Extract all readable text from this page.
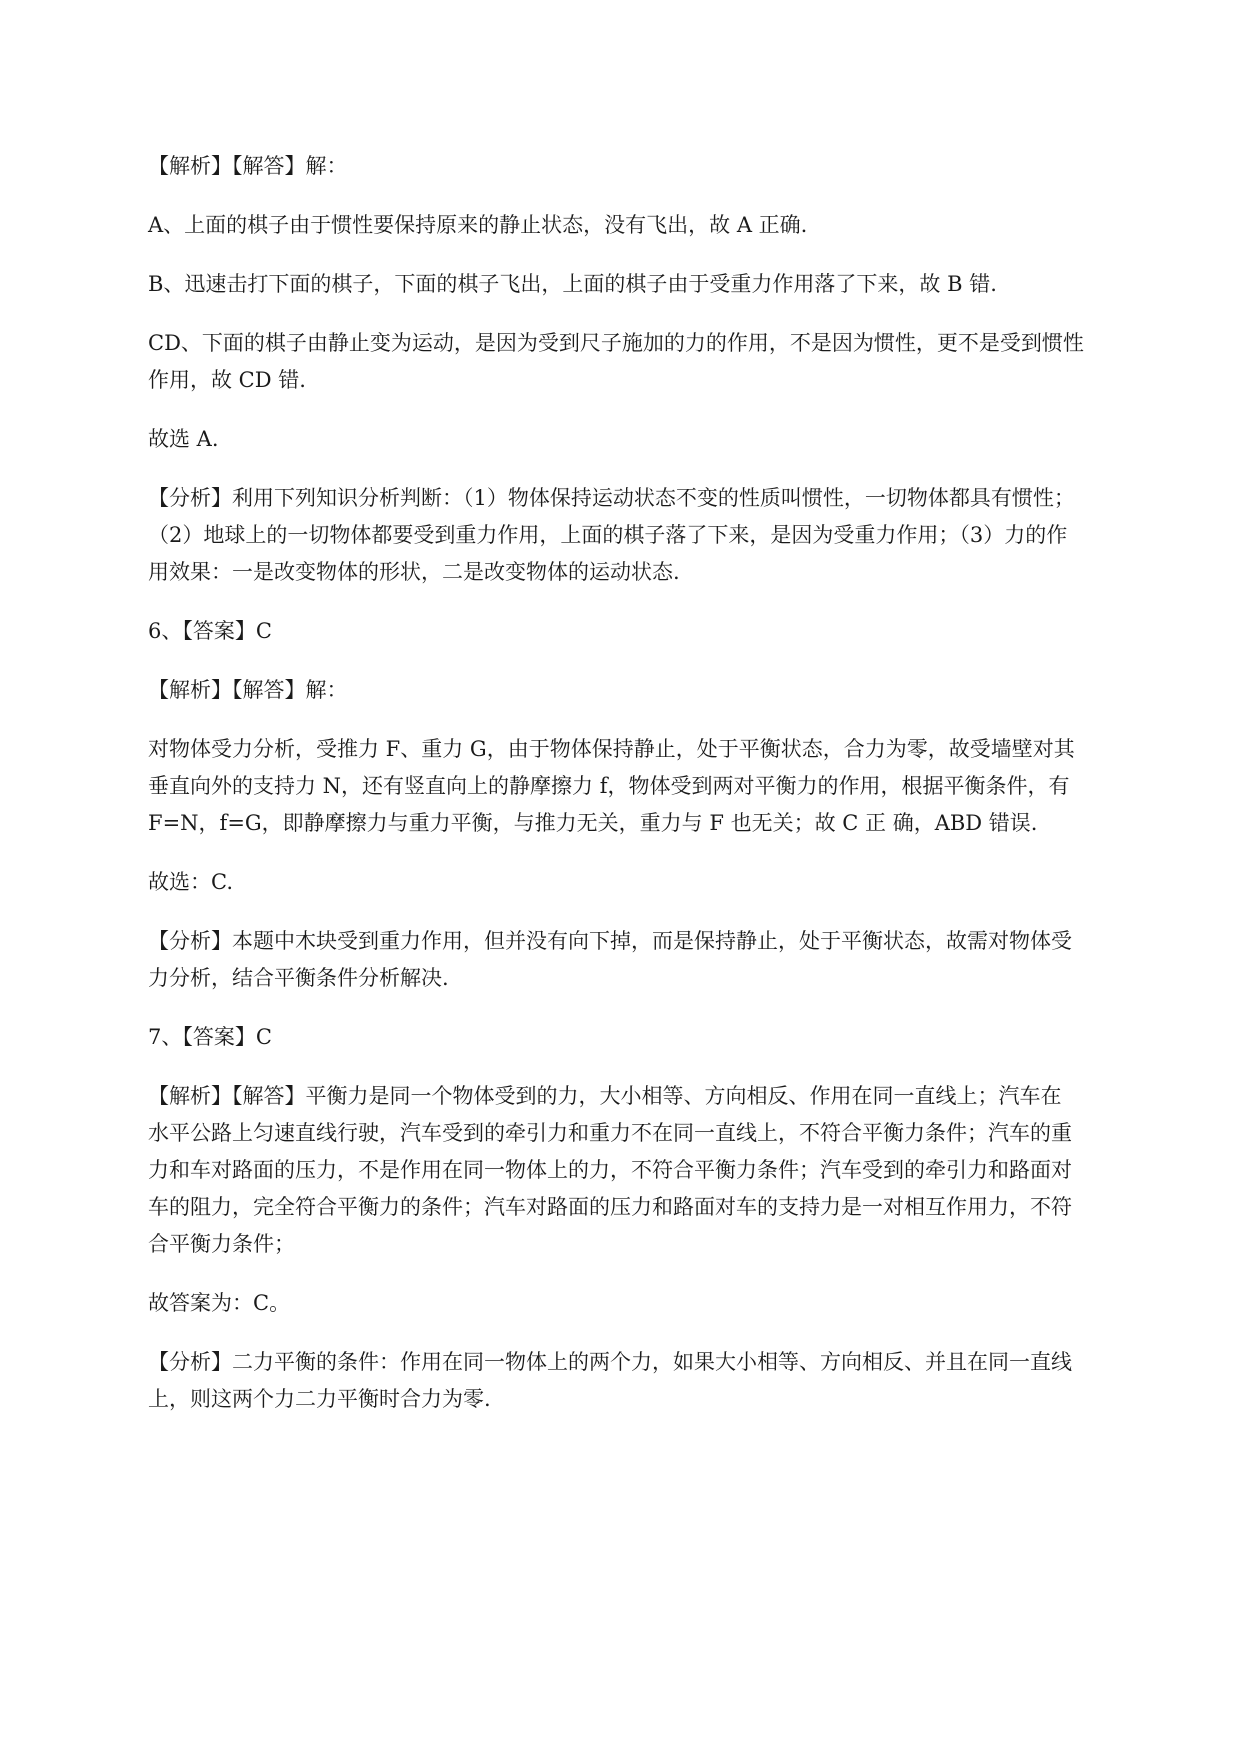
【解析】【解答】解：

A、上面的棋子由于惯性要保持原来的静止状态，没有飞出，故 A 正确.

B、迅速击打下面的棋子，下面的棋子飞出，上面的棋子由于受重力作用落了下来，故 B 错.

CD、下面的棋子由静止变为运动，是因为受到尺子施加的力的作用，不是因为惯性，更不是受到惯性
作用，故 CD 错.

故选 A.

【分析】利用下列知识分析判断：（1）物体保持运动状态不变的性质叫惯性，一切物体都具有惯性；
（2）地球上的一切物体都要受到重力作用，上面的棋子落了下来，是因为受重力作用；（3）力的作
用效果：一是改变物体的形状，二是改变物体的运动状态.

6、【答案】C

【解析】【解答】解：

对物体受力分析，受推力 F、重力 G，由于物体保持静止，处于平衡状态，合力为零，故受墙壁对其
垂直向外的支持力 N，还有竖直向上的静摩擦力 f，物体受到两对平衡力的作用，根据平衡条件，有
F=N，f=G，即静摩擦力与重力平衡，与推力无关，重力与 F 也无关；故 C 正 确，ABD 错误.

故选：C.

【分析】本题中木块受到重力作用，但并没有向下掉，而是保持静止，处于平衡状态，故需对物体受
力分析，结合平衡条件分析解决.

7、【答案】C

【解析】【解答】平衡力是同一个物体受到的力，大小相等、方向相反、作用在同一直线上；汽车在
水平公路上匀速直线行驶，汽车受到的牵引力和重力不在同一直线上，不符合平衡力条件；汽车的重
力和车对路面的压力，不是作用在同一物体上的力，不符合平衡力条件；汽车受到的牵引力和路面对
车的阻力，完全符合平衡力的条件；汽车对路面的压力和路面对车的支持力是一对相互作用力，不符
合平衡力条件；

故答案为：C。

【分析】二力平衡的条件：作用在同一物体上的两个力，如果大小相等、方向相反、并且在同一直线
上，则这两个力二力平衡时合力为零.
